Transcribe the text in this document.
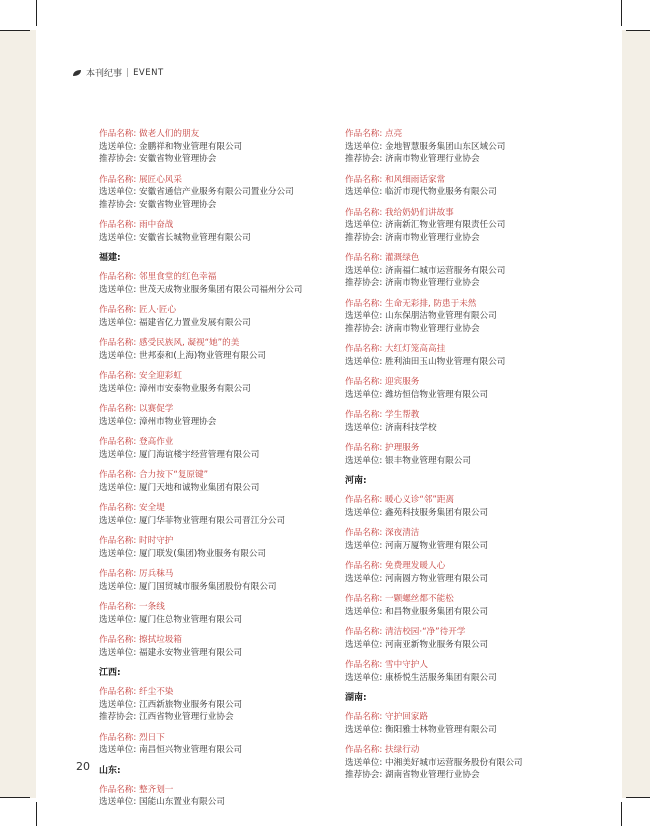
本刊纪事 | EVENT
作品名称: 做老人们的朋友
选送单位: 金鹏祥和物业管理有限公司
推荐协会: 安徽省物业管理协会
作品名称: 展匠心风采
选送单位: 安徽省通信产业服务有限公司置业分公司
推荐协会: 安徽省物业管理协会
作品名称: 雨中奋战
选送单位: 安徽省长城物业管理有限公司
福建:
作品名称: 邻里食堂的红色幸福
选送单位: 世茂天成物业服务集团有限公司福州分公司
作品名称: 匠人·匠心
选送单位: 福建省亿力置业发展有限公司
作品名称: 感受民族风, 凝视“她”的美
选送单位: 世邦泰和(上海)物业管理有限公司
作品名称: 安全迎彩虹
选送单位: 漳州市安泰物业服务有限公司
作品名称: 以赛促学
选送单位: 漳州市物业管理协会
作品名称: 登高作业
选送单位: 厦门海谊楼宇经营管理有限公司
作品名称: 合力按下“复原键”
选送单位: 厦门天地和诚物业集团有限公司
作品名称: 安全堤
选送单位: 厦门华菲物业管理有限公司晋江分公司
作品名称: 时时守护
选送单位: 厦门联发(集团)物业服务有限公司
作品名称: 厉兵秣马
选送单位: 厦门国贸城市服务集团股份有限公司
作品名称: 一条线
选送单位: 厦门住总物业管理有限公司
作品名称: 擦拭垃圾箱
选送单位: 福建永安物业管理有限公司
江西:
作品名称: 纤尘不染
选送单位: 江西新旅物业服务有限公司
推荐协会: 江西省物业管理行业协会
作品名称: 烈日下
选送单位: 南昌恒兴物业管理有限公司
山东:
作品名称: 整齐划一
选送单位: 国能山东置业有限公司
作品名称: 点亮
选送单位: 金地智慧服务集团山东区域公司
推荐协会: 济南市物业管理行业协会
作品名称: 和风细雨话家常
选送单位: 临沂市现代物业服务有限公司
作品名称: 我给奶奶们讲故事
选送单位: 济南新汇物业管理有限责任公司
推荐协会: 济南市物业管理行业协会
作品名称: 灌溉绿色
选送单位: 济南福仁城市运营服务有限公司
推荐协会: 济南市物业管理行业协会
作品名称: 生命无彩排, 防患于未然
选送单位: 山东保朋洁物业管理有限公司
推荐协会: 济南市物业管理行业协会
作品名称: 大红灯笼高高挂
选送单位: 胜利油田玉山物业管理有限公司
作品名称: 迎宾服务
选送单位: 潍坊恒信物业管理有限公司
作品名称: 学生帮教
选送单位: 济南科技学校
作品名称: 护理服务
选送单位: 银丰物业管理有限公司
河南:
作品名称: 暖心义诊“邻”距离
选送单位: 鑫苑科技服务集团有限公司
作品名称: 深夜清洁
选送单位: 河南万厦物业管理有限公司
作品名称: 免费理发暖人心
选送单位: 河南圆方物业管理有限公司
作品名称: 一颗螺丝都不能松
选送单位: 和昌物业服务集团有限公司
作品名称: 清洁校园·“净”待开学
选送单位: 河南亚新物业服务有限公司
作品名称: 雪中守护人
选送单位: 康桥悦生活服务集团有限公司
湖南:
作品名称: 守护回家路
选送单位: 衡阳雅士林物业管理有限公司
作品名称: 扶绿行动
选送单位: 中湘美好城市运营服务股份有限公司
推荐协会: 湖南省物业管理行业协会
20
